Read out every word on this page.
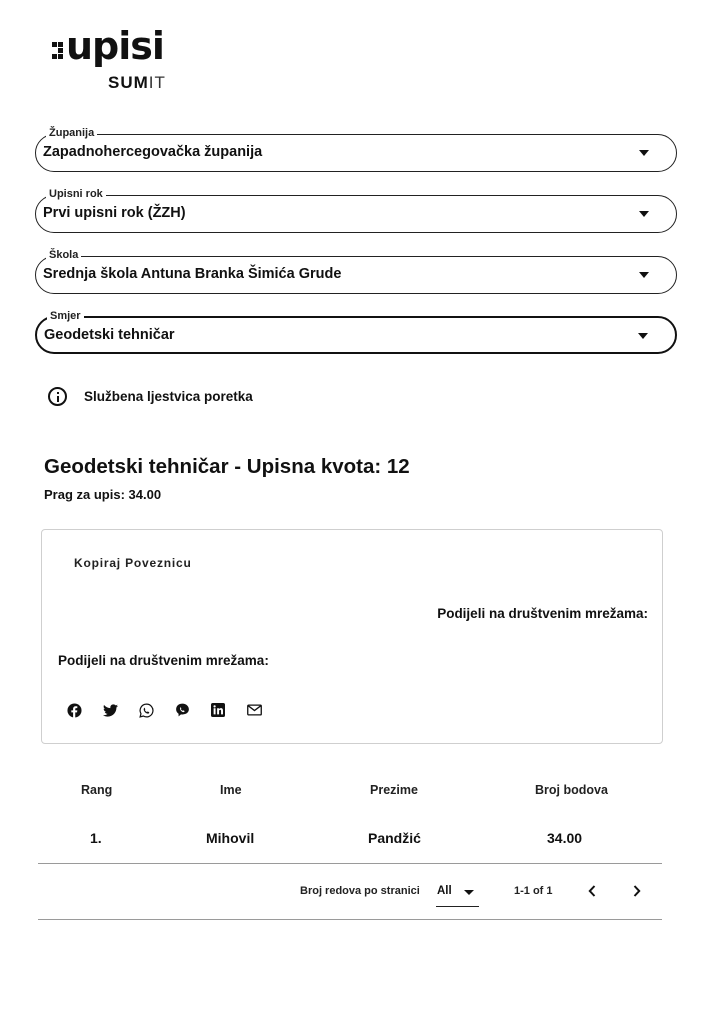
upisi
SUMIT
Županija
Zapadnohercegovačka županija
Upisni rok
Prvi upisni rok (ŽZH)
Škola
Srednja škola Antuna Branka Šimića Grude
Smjer
Geodetski tehničar
Službena ljestvica poretka
Geodetski tehničar - Upisna kvota: 12
Prag za upis: 34.00
Kopiraj Poveznicu
Podijeli na društvenim mrežama:
Podijeli na društvenim mrežama:
Rang	Ime	Prezime	Broj bodova
1.	Mihovil	Pandžić	34.00
Broj redova po stranici All	1-1 of 1
